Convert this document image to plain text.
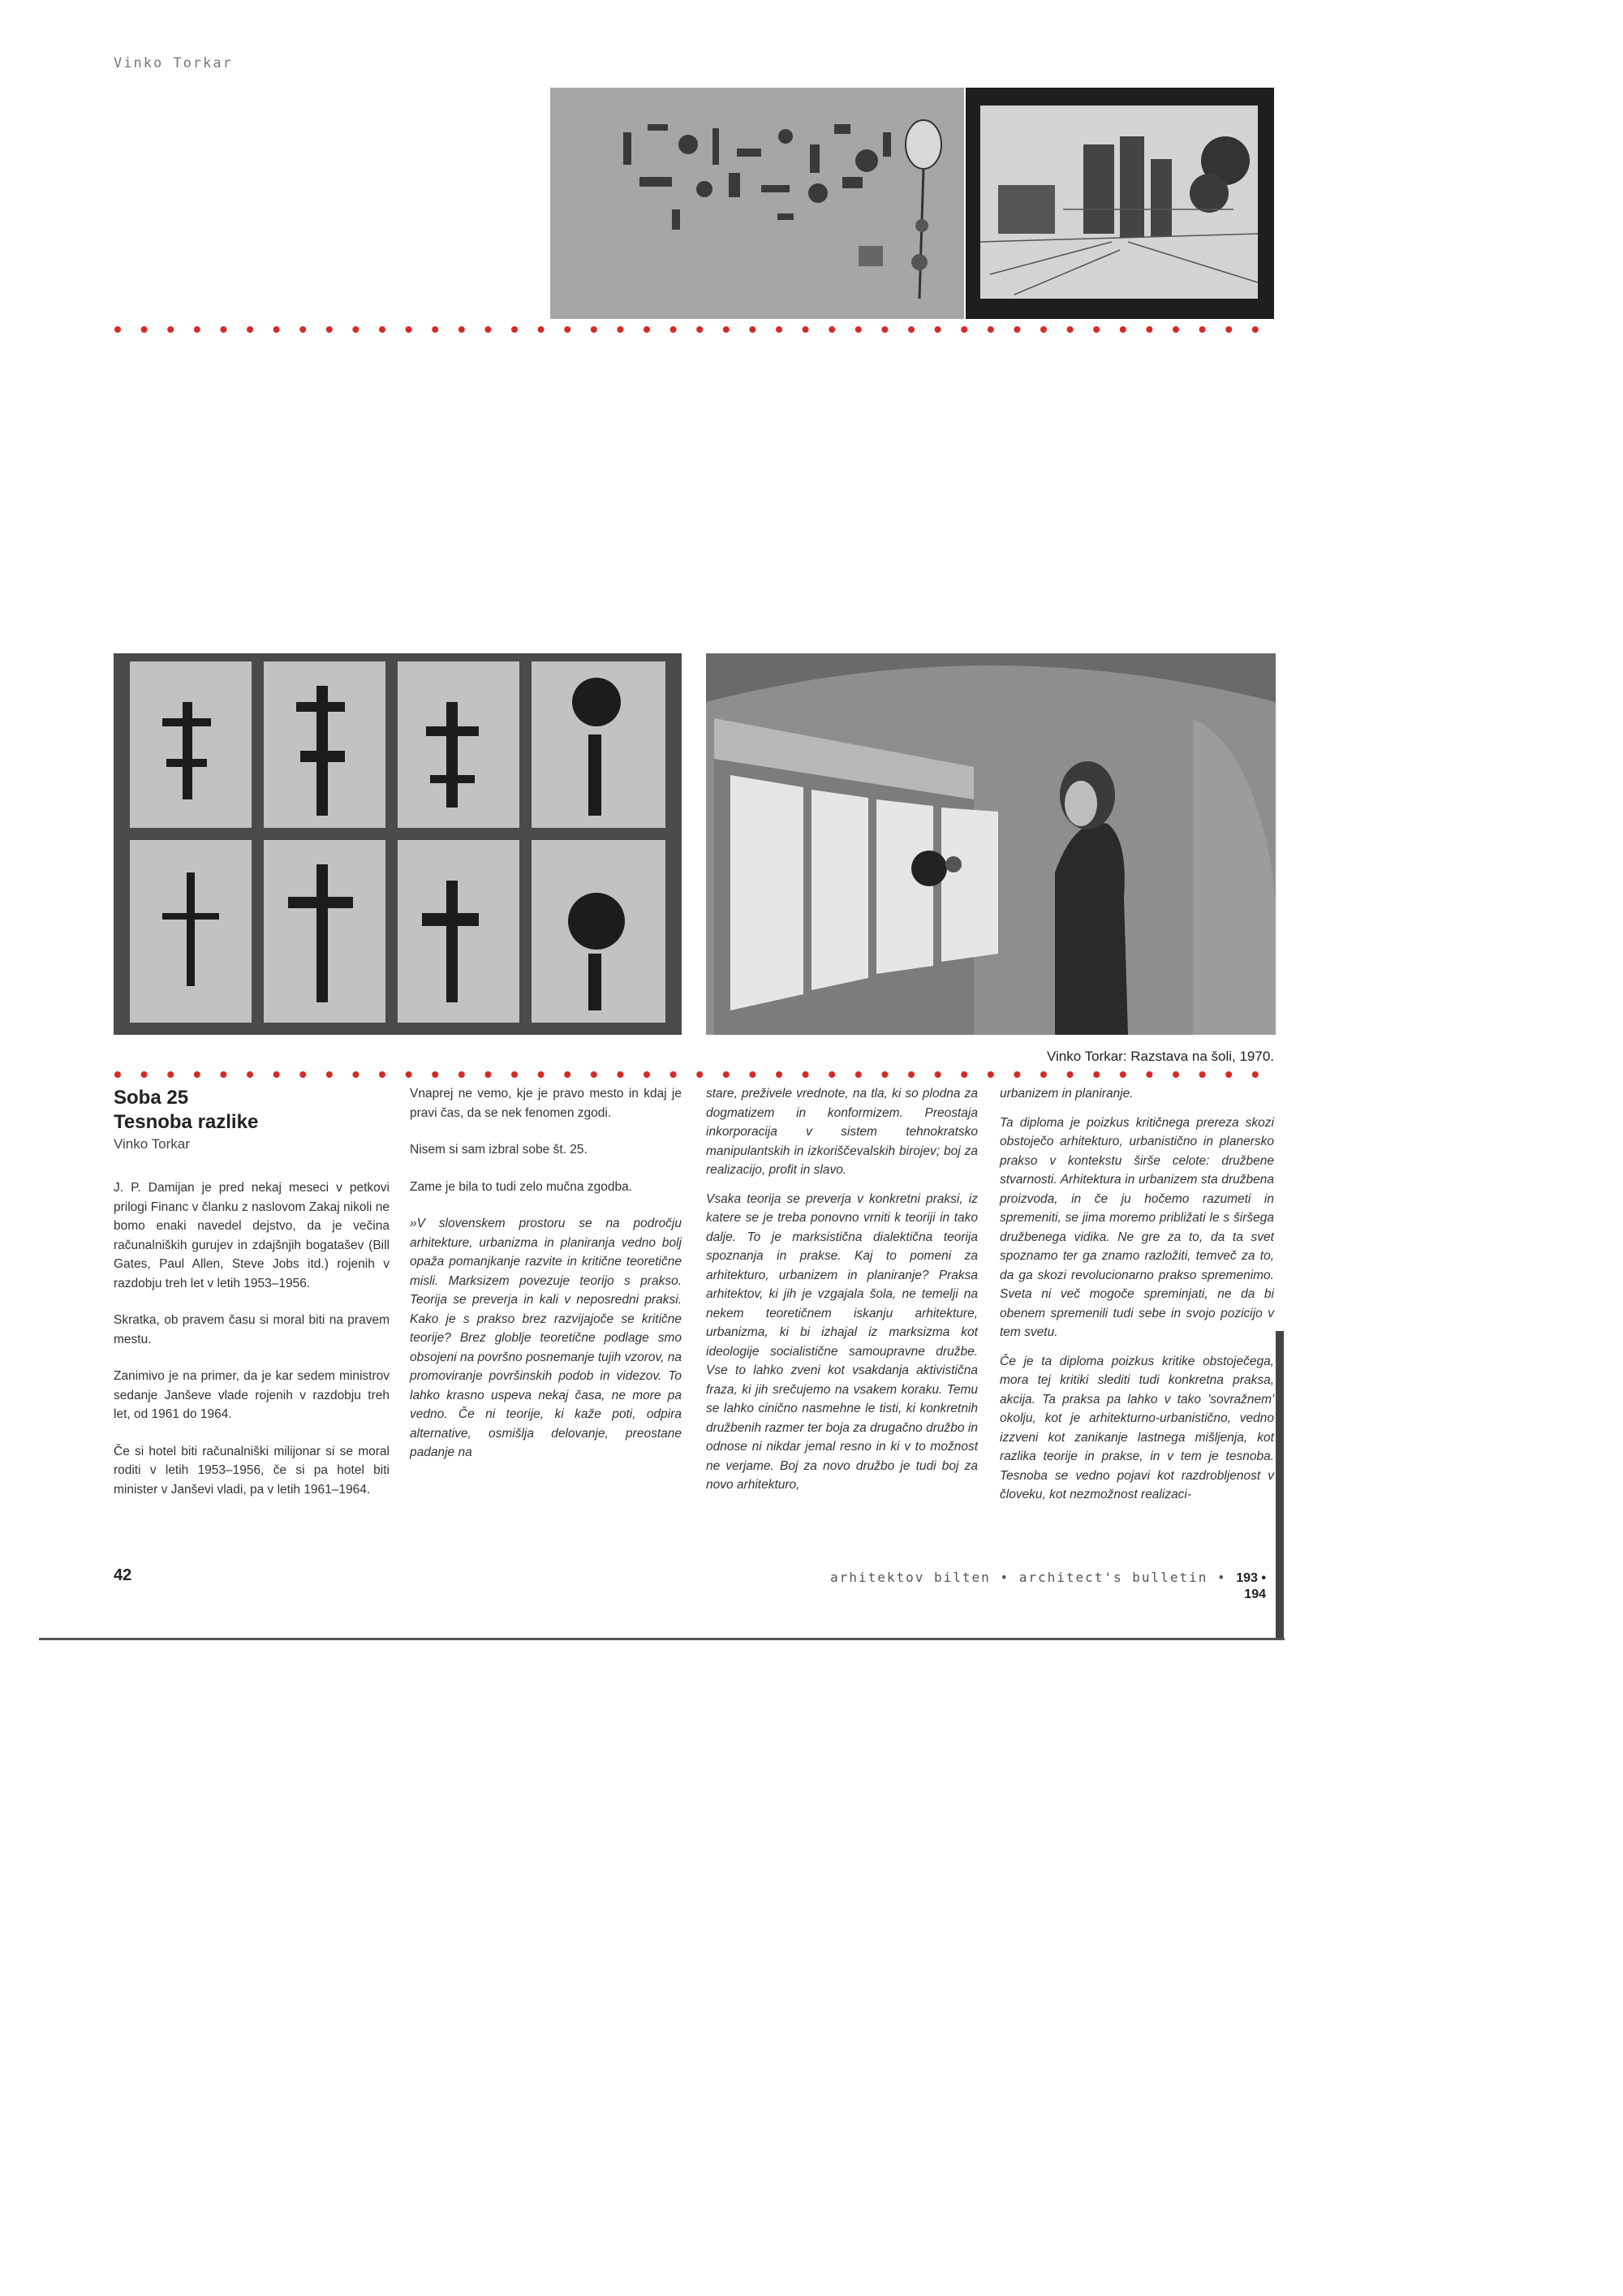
Vinko Torkar
Vinko Torkar: Razstava na šoli, 1970.
Soba 25
Tesnoba razlike
Vinko Torkar

J. P. Damijan je pred nekaj meseci v petkovi prilogi Financ v članku z naslovom Zakaj nikoli ne bomo enaki navedel dejstvo, da je večina računalniških gurujev in zdajšnjih bogatašev (Bill Gates, Paul Allen, Steve Jobs itd.) rojenih v razdobju treh let v letih 1953–1956.

Skratka, ob pravem času si moral biti na pravem mestu.

Zanimivo je na primer, da je kar sedem ministrov sedanje Janševe vlade rojenih v razdobju treh let, od 1961 do 1964.

Če si hotel biti računalniški milijonar si se moral roditi v letih 1953–1956, če si pa hotel biti minister v Janševi vladi, pa v letih 1961–1964.

Vnaprej ne vemo, kje je pravo mesto in kdaj je pravi čas, da se nek fenomen zgodi.

Nisem si sam izbral sobe št. 25.

Zame je bila to tudi zelo mučna zgodba.

»V slovenskem prostoru se na področju arhitekture, urbanizma in planiranja vedno bolj opaža pomanjkanje razvite in kritične teoretične misli. Marksizem povezuje teorijo s prakso. Teorija se preverja in kali v neposredni praksi. Kako je s prakso brez razvijajoče se kritične teorije? Brez globlje teoretične podlage smo obsojeni na površno posnemanje tujih vzorov, na promoviranje površinskih podob in videzov. To lahko krasno uspeva nekaj časa, ne more pa vedno. Če ni teorije, ki kaže poti, odpira alternative, osmišlja delovanje, preostane padanje na

stare, preživele vrednote, na tla, ki so plodna za dogmatizem in konformizem. Preostaja inkorporacija v sistem tehnokratsko manipulantskih in izkoriščevalskih birojev; boj za realizacijo, profit in slavo.

Vsaka teorija se preverja v konkretni praksi, iz katere se je treba ponovno vrniti k teoriji in tako dalje. To je marksistična dialektična teorija spoznanja in prakse. Kaj to pomeni za arhitekturo, urbanizem in planiranje? Praksa arhitektov, ki jih je vzgajala šola, ne temelji na nekem teoretičnem iskanju arhitekture, urbanizma, ki bi izhajal iz marksizma kot ideologije socialistične samoupravne družbe. Vse to lahko zveni kot vsakdanja aktivistična fraza, ki jih srečujemo na vsakem koraku. Temu se lahko cinično nasmehne le tisti, ki konkretnih družbenih razmer ter boja za drugačno družbo in odnose ni nikdar jemal resno in ki v to možnost ne verjame. Boj za novo družbo je tudi boj za novo arhitekturo,

urbanizem in planiranje.

Ta diploma je poizkus kritičnega prereza skozi obstoječo arhitekturo, urbanistično in planersko prakso v kontekstu širše celote: družbene stvarnosti. Arhitektura in urbanizem sta družbena proizvoda, in če ju hočemo razumeti in spremeniti, se jima moremo približati le s širšega družbenega vidika. Ne gre za to, da ta svet spoznamo ter ga znamo razložiti, temveč za to, da ga skozi revolucionarno prakso spremenimo. Sveta ni več mogoče spreminjati, ne da bi obenem spremenili tudi sebe in svojo pozicijo v tem svetu.

Če je ta diploma poizkus kritike obstoječega, mora tej kritiki slediti tudi konkretna praksa, akcija. Ta praksa pa lahko v tako 'sovražnem' okolju, kot je arhitekturno-urbanistično, vedno izzveni kot zanikanje lastnega mišljenja, kot razlika teorije in prakse, in v tem je tesnoba. Tesnoba se vedno pojavi kot razdrobljenost v človeku, kot nezmožnost realizaci-

42	arhitektov bilten • architect's bulletin • 193 • 194
